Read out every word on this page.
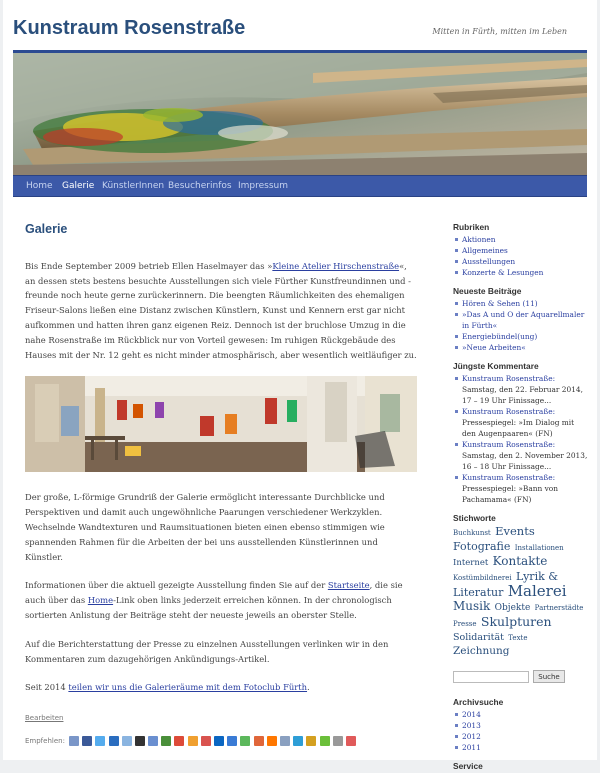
Kunstraum Rosenstraße	Mitten in Fürth, mitten im Leben
Home Galerie KünstlerInnen Besucherinfos Impressum
Galerie

Bis Ende September 2009 betrieb Ellen Haselmayer das »Kleine Atelier Hirschenstraße«, an dessen stets bestens besuchte Ausstellungen sich viele Fürther Kunstfreundinnen und -freunde noch heute gerne zurückerinnern. Die beengten Räumlichkeiten des ehemaligen Friseur-Salons ließen eine Distanz zwischen Künstlern, Kunst und Kennern erst gar nicht aufkommen und hatten ihren ganz eigenen Reiz. Dennoch ist der bruchlose Umzug in die nahe Rosenstraße im Rückblick nur von Vorteil gewesen: Im ruhigen Rückgebäude des Hauses mit der Nr. 12 geht es nicht minder atmosphärisch, aber wesentlich weitläufiger zu.

Der große, L-förmige Grundriß der Galerie ermöglicht interessante Durchblicke und Perspektiven und damit auch ungewöhnliche Paarungen verschiedener Werkzyklen. Wechselnde Wandtexturen und Raumsituationen bieten einen ebenso stimmigen wie spannenden Rahmen für die Arbeiten der bei uns ausstellenden Künstlerinnen und Künstler.

Informationen über die aktuell gezeigte Ausstellung finden Sie auf der Startseite, die sie auch über das Home-Link oben links jederzeit erreichen können. In der chronologisch sortierten Anlistung der Beiträge steht der neueste jeweils an oberster Stelle.

Auf die Berichterstattung der Presse zu einzelnen Ausstellungen verlinken wir in den Kommentaren zum dazugehörigen Ankündigungs-Artikel.

Seit 2014 teilen wir uns die Galerieräume mit dem Fotoclub Fürth.

Bearbeiten
Empfehlen:
Rubriken
Aktionen
Allgemeines
Ausstellungen
Konzerte & Lesungen
Neueste Beiträge
Hören & Sehen (11)
»Das A und O der Aquarellmaler in Fürth«
Energiebündel(ung)
»Neue Arbeiten«
Jüngste Kommentare
Kunstraum Rosenstraße: Samstag, den 22. Februar 2014, 17 – 19 Uhr Finissage...
Kunstraum Rosenstraße: Pressespiegel: »Im Dialog mit den Augenpaaren« (FN)
Kunstraum Rosenstraße: Samstag, den 2. November 2013, 16 – 18 Uhr Finissage...
Kunstraum Rosenstraße: Pressespiegel: »Bann von Pachamama« (FN)
Stichworte
Buchkunst Events Fotografie Installationen Internet Kontakte Kostümbildnerei Lyrik & Literatur Malerei Musik Objekte Partnerstädte Presse Skulpturen Solidarität Texte Zeichnung
Suche
Archivsuche
2014
2013
2012
2011
Service
